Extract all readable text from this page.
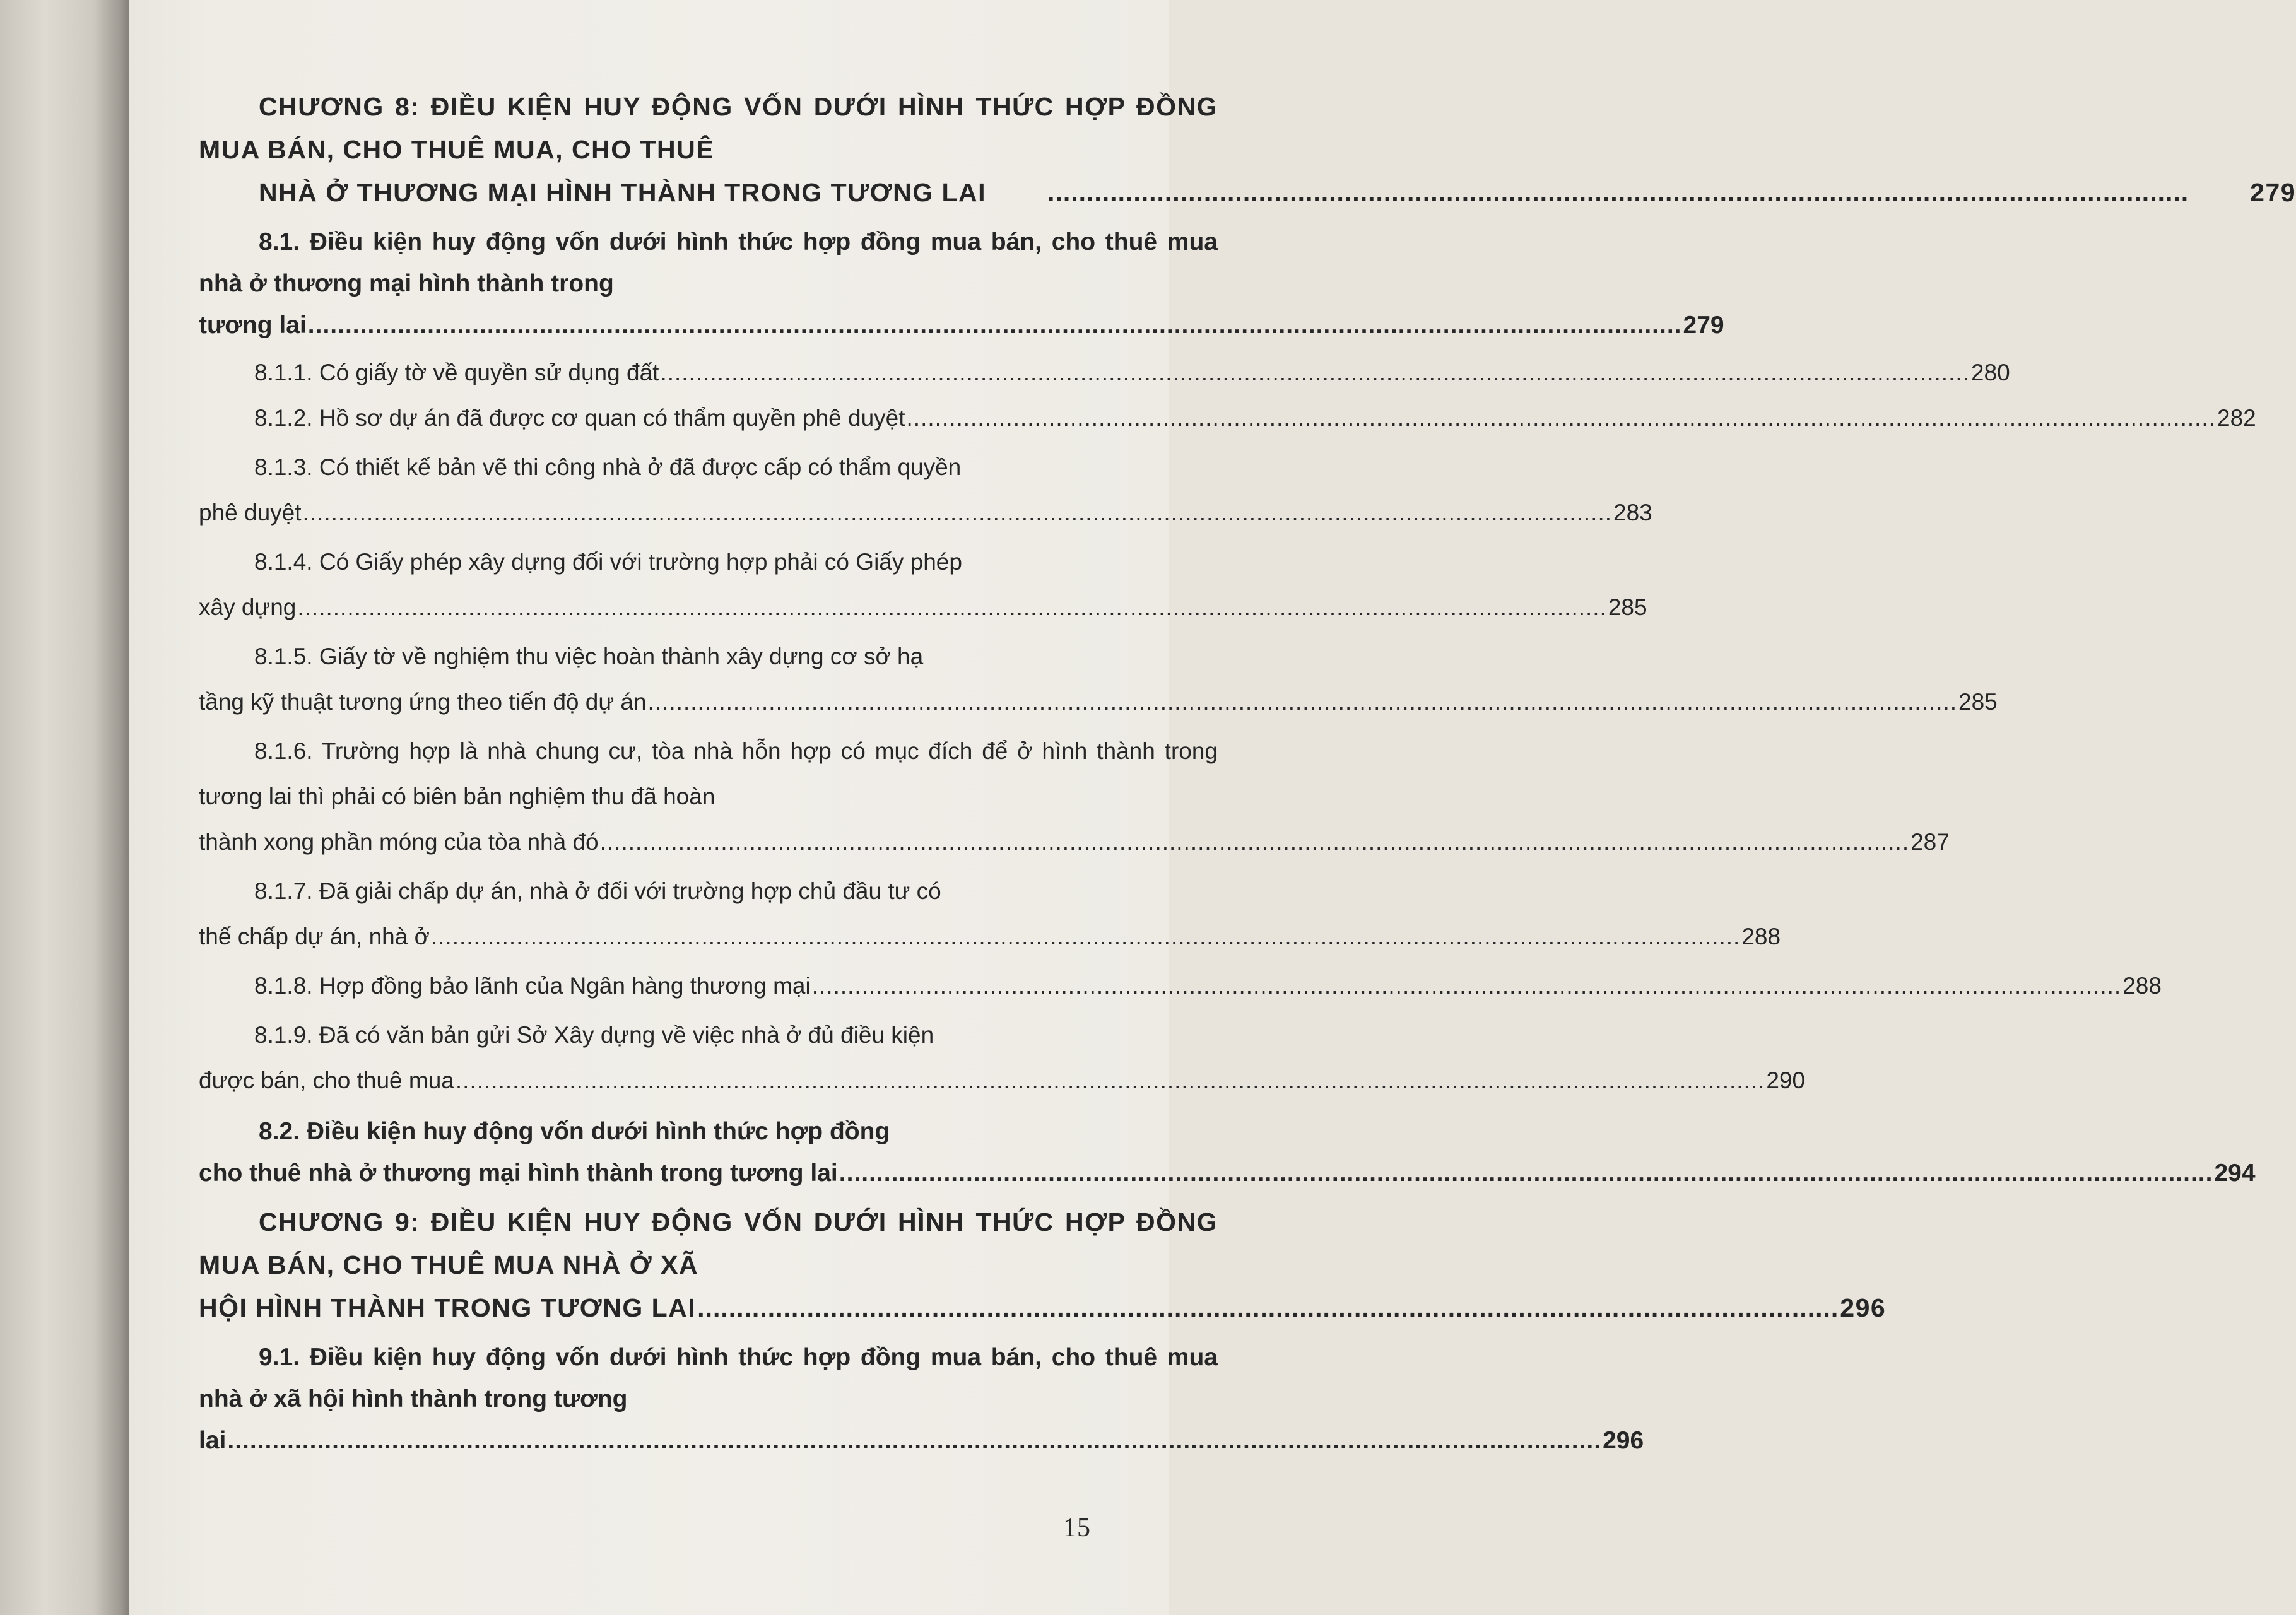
CHƯƠNG 8: ĐIỀU KIỆN HUY ĐỘNG VỐN DƯỚI HÌNH THỨC HỢP ĐỒNG MUA BÁN, CHO THUÊ MUA, CHO THUÊ
NHÀ Ở THƯƠNG MẠI HÌNH THÀNH TRONG TƯƠNG LAI	..................................................................................................................................................	279
8.1. Điều kiện huy động vốn dưới hình thức hợp đồng mua bán, cho thuê mua nhà ở thương mại hình thành trong
tương lai ........................................................................................................................................................................................ 279
8.1.1. Có giấy tờ về quyền sử dụng đất ........................................................................................................................................................................................ 280
8.1.2. Hồ sơ dự án đã được cơ quan có thẩm quyền phê duyệt ........................................................................................................................................................................................ 282
8.1.3. Có thiết kế bản vẽ thi công nhà ở đã được cấp có thẩm quyền
phê duyệt ........................................................................................................................................................................................ 283
8.1.4. Có Giấy phép xây dựng đối với trường hợp phải có Giấy phép
xây dựng ........................................................................................................................................................................................ 285
8.1.5. Giấy tờ về nghiệm thu việc hoàn thành xây dựng cơ sở hạ
tầng kỹ thuật tương ứng theo tiến độ dự án ........................................................................................................................................................................................ 285
8.1.6. Trường hợp là nhà chung cư, tòa nhà hỗn hợp có mục đích để ở hình thành trong tương lai thì phải có biên bản nghiệm thu đã hoàn
thành xong phần móng của tòa nhà đó ........................................................................................................................................................................................ 287
8.1.7. Đã giải chấp dự án, nhà ở đối với trường hợp chủ đầu tư có
thế chấp dự án, nhà ở ........................................................................................................................................................................................ 288
8.1.8. Hợp đồng bảo lãnh của Ngân hàng thương mại ........................................................................................................................................................................................ 288
8.1.9. Đã có văn bản gửi Sở Xây dựng về việc nhà ở đủ điều kiện
được bán, cho thuê mua ........................................................................................................................................................................................ 290
8.2. Điều kiện huy động vốn dưới hình thức hợp đồng
cho thuê nhà ở thương mại hình thành trong tương lai ........................................................................................................................................................................................ 294
CHƯƠNG 9: ĐIỀU KIỆN HUY ĐỘNG VỐN DƯỚI HÌNH THỨC HỢP ĐỒNG MUA BÁN, CHO THUÊ MUA NHÀ Ở XÃ
HỘI HÌNH THÀNH TRONG TƯƠNG LAI .................................................................................................................................................. 296
9.1. Điều kiện huy động vốn dưới hình thức hợp đồng mua bán, cho thuê mua nhà ở xã hội hình thành trong tương
lai ........................................................................................................................................................................................ 296
15
